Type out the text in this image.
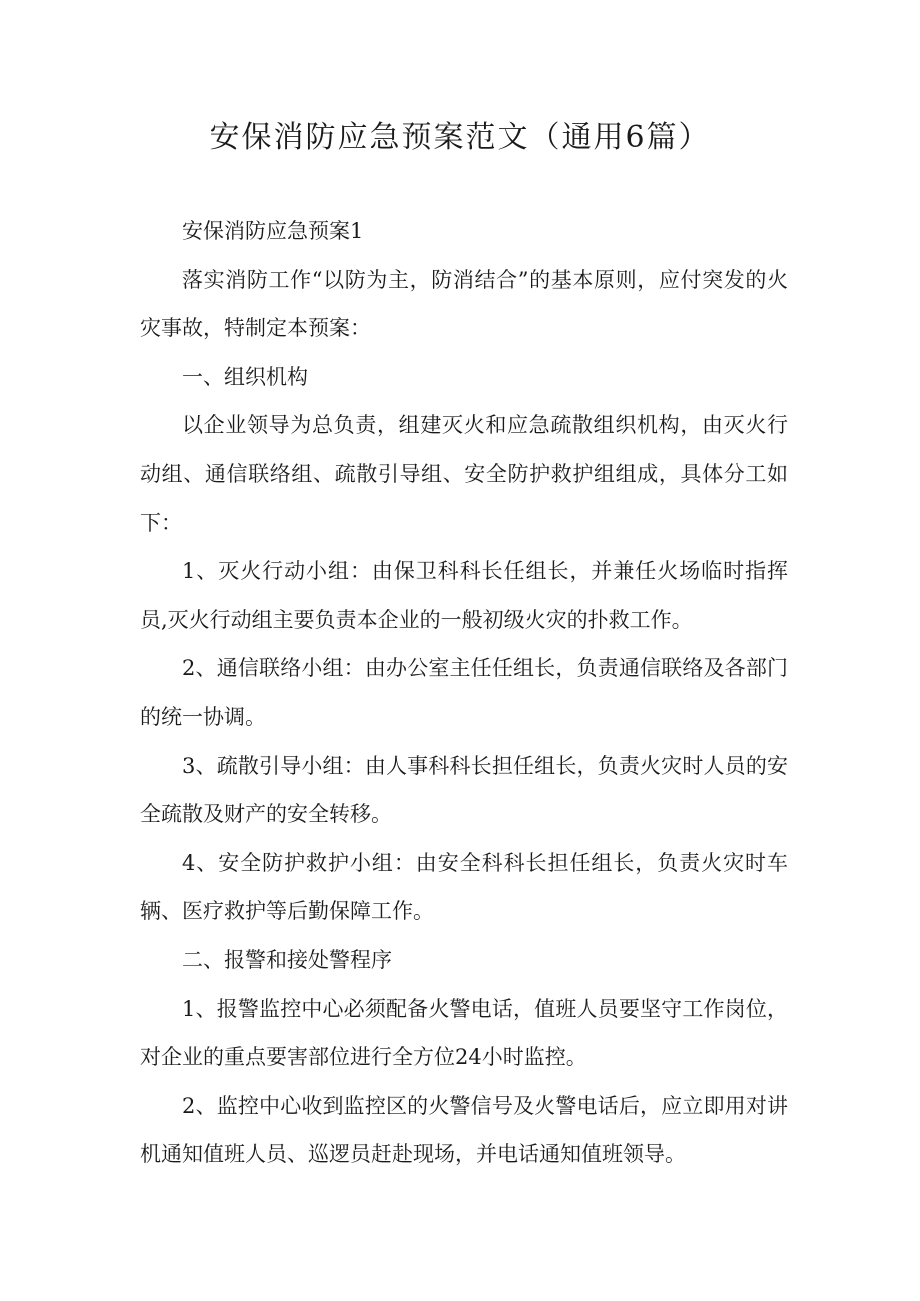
安保消防应急预案范文（通用6篇）

安保消防应急预案1

落实消防工作“以防为主，防消结合”的基本原则，应付突发的火灾事故，特制定本预案：

一、组织机构

以企业领导为总负责，组建灭火和应急疏散组织机构，由灭火行动组、通信联络组、疏散引导组、安全防护救护组组成，具体分工如下：

1、灭火行动小组：由保卫科科长任组长，并兼任火场临时指挥员,灭火行动组主要负责本企业的一般初级火灾的扑救工作。

2、通信联络小组：由办公室主任任组长，负责通信联络及各部门的统一协调。

3、疏散引导小组：由人事科科长担任组长，负责火灾时人员的安全疏散及财产的安全转移。

4、安全防护救护小组：由安全科科长担任组长，负责火灾时车辆、医疗救护等后勤保障工作。

二、报警和接处警程序

1、报警监控中心必须配备火警电话，值班人员要坚守工作岗位，对企业的重点要害部位进行全方位24小时监控。

2、监控中心收到监控区的火警信号及火警电话后，应立即用对讲机通知值班人员、巡逻员赶赴现场，并电话通知值班领导。
